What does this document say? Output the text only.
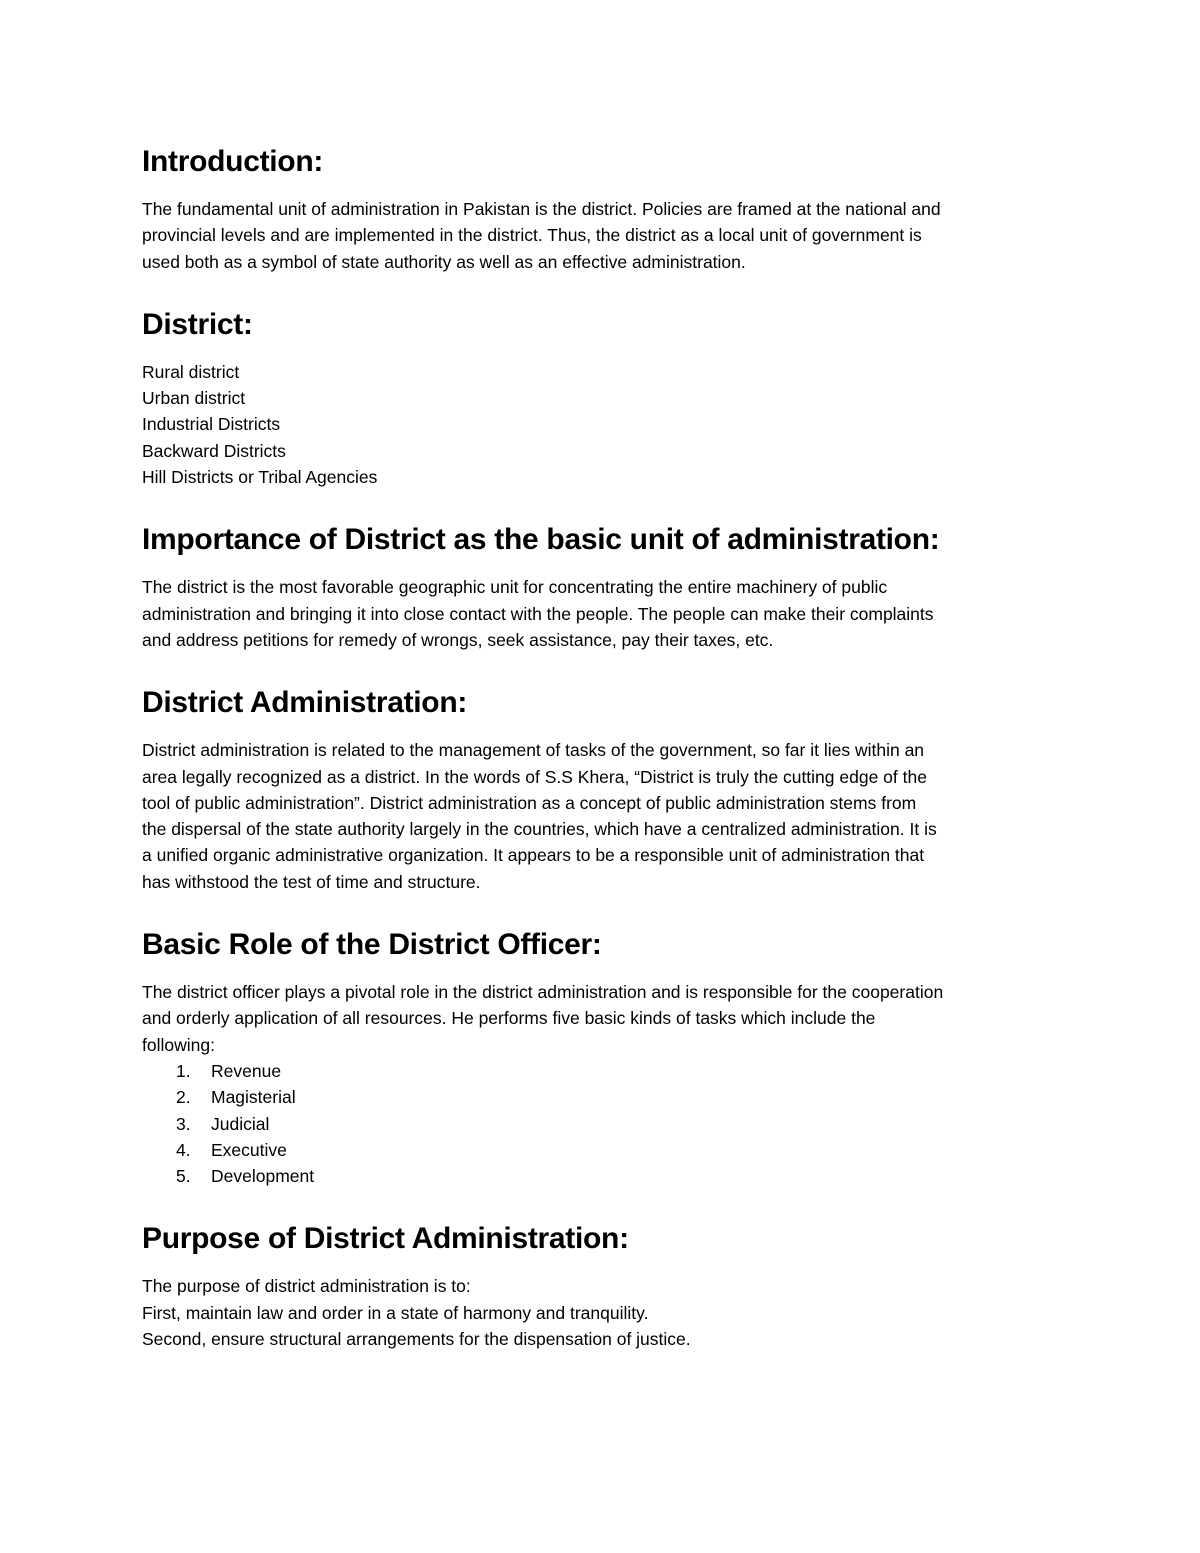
Introduction:

The fundamental unit of administration in Pakistan is the district. Policies are framed at the national and
provincial levels and are implemented in the district. Thus, the district as a local unit of government is
used both as a symbol of state authority as well as an effective administration.

District:
Rural district
Urban district
Industrial Districts
Backward Districts
Hill Districts or Tribal Agencies
Importance of District as the basic unit of administration:

The district is the most favorable geographic unit for concentrating the entire machinery of public
administration and bringing it into close contact with the people. The people can make their complaints
and address petitions for remedy of wrongs, seek assistance, pay their taxes, etc.

District Administration:

District administration is related to the management of tasks of the government, so far it lies within an
area legally recognized as a district. In the words of S.S Khera, “District is truly the cutting edge of the
tool of public administration”. District administration as a concept of public administration stems from
the dispersal of the state authority largely in the countries, which have a centralized administration. It is
a unified organic administrative organization. It appears to be a responsible unit of administration that
has withstood the test of time and structure.

Basic Role of the District Officer:

The district officer plays a pivotal role in the district administration and is responsible for the cooperation
and orderly application of all resources. He performs five basic kinds of tasks which include the
following:

1. Revenue
2. Magisterial
3. Judicial
4. Executive
5. Development
Purpose of District Administration:

The purpose of district administration is to:
First, maintain law and order in a state of harmony and tranquility.
Second, ensure structural arrangements for the dispensation of justice.
